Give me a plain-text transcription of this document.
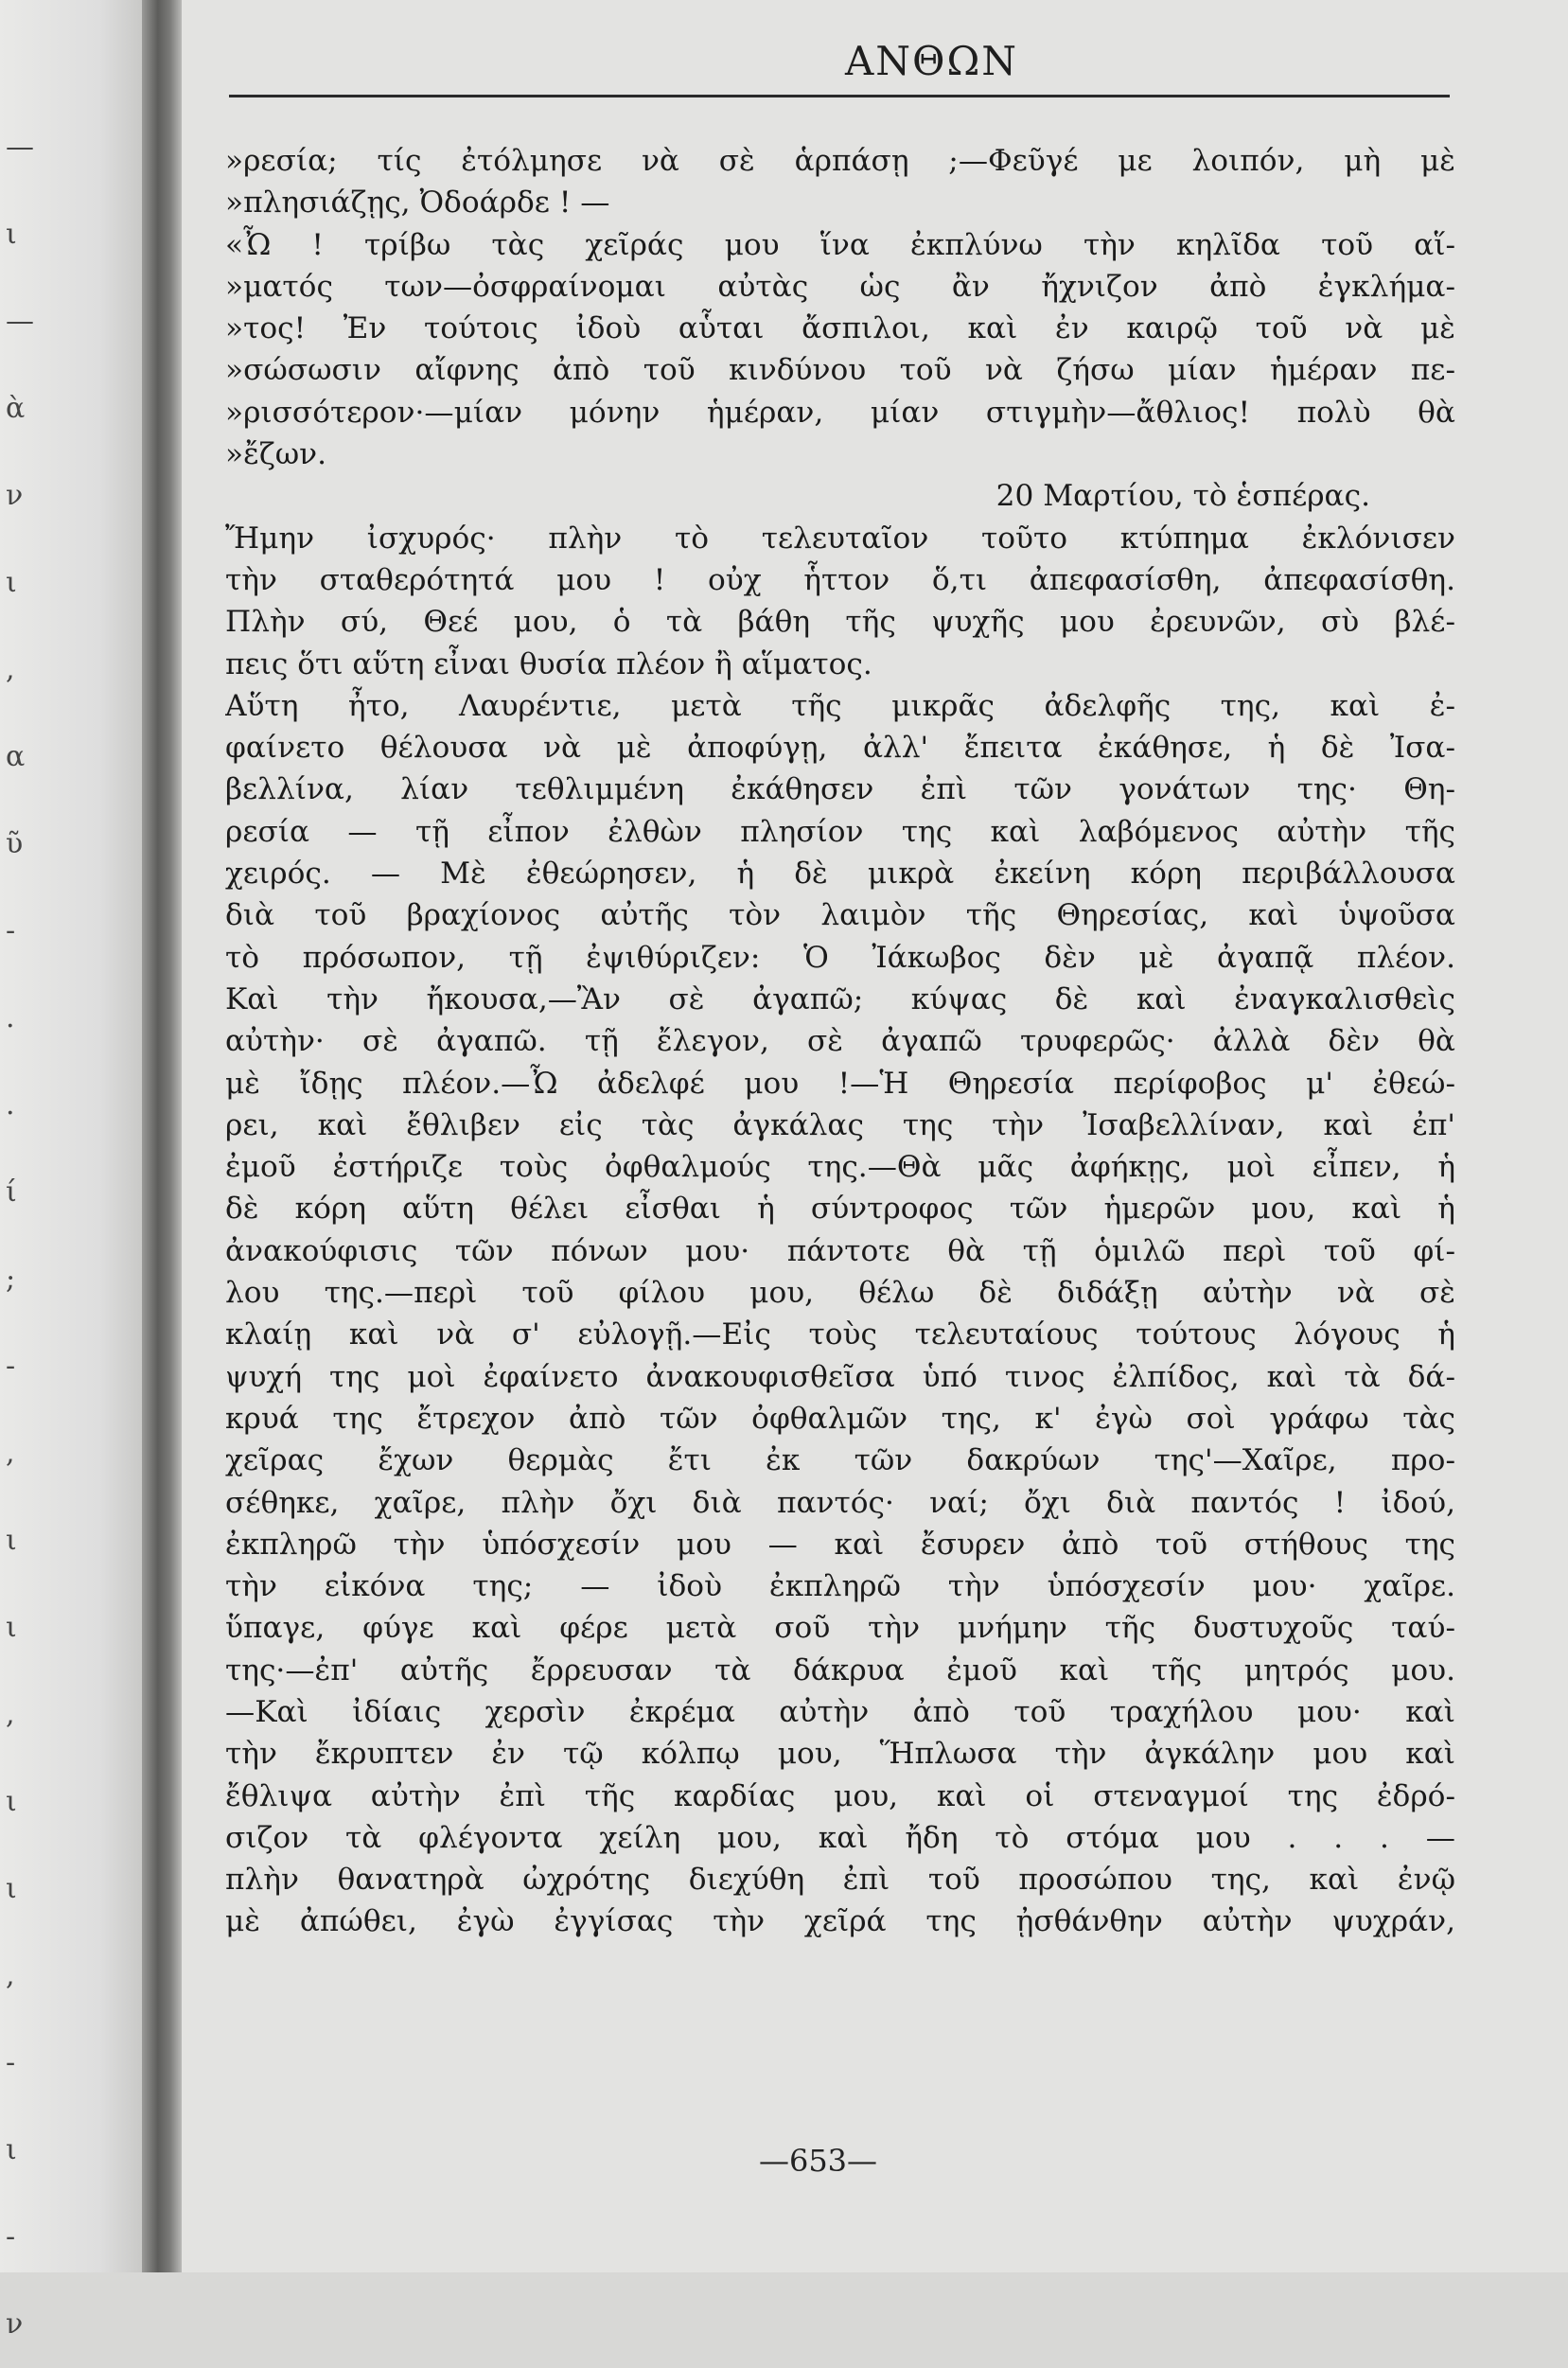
—
ι
—
ὰ
ν
ι
,
α
ῦ
-
.
.
ί
;
-
,
ι
ι
,
ι
ι
,
-
ι
-
ν
ΑΝΘΩΝ
»ρεσία; τίς ἐτόλμησε νὰ σὲ ἁρπάσῃ ;—Φεῦγέ με λοιπόν, μὴ μὲ
»πλησιάζῃς, Ὀδοάρδε ! —
«Ὦ ! τρίβω τὰς χεῖράς μου ἵνα ἐκπλύνω τὴν κηλῖδα τοῦ αἵ-
»ματός των—ὀσφραίνομαι αὐτὰς ὡς ἂν ἤχνιζον ἀπὸ ἐγκλήμα-
»τος! Ἐν τούτοις ἰδοὺ αὗται ἄσπιλοι, καὶ ἐν καιρῷ τοῦ νὰ μὲ
»σώσωσιν αἴφνης ἀπὸ τοῦ κινδύνου τοῦ νὰ ζήσω μίαν ἡμέραν πε-
»ρισσότερον·—μίαν μόνην ἡμέραν, μίαν στιγμὴν—ἄθλιος! πολὺ θὰ
»ἔζων.
20 Μαρτίου, τὸ ἑσπέρας.
Ἤμην ἰσχυρός· πλὴν τὸ τελευταῖον τοῦτο κτύπημα ἐκλόνισεν
τὴν σταθερότητά μου ! οὐχ ἧττον ὅ,τι ἀπεφασίσθη, ἀπεφασίσθη.
Πλὴν σύ, Θεέ μου, ὁ τὰ βάθη τῆς ψυχῆς μου ἐρευνῶν, σὺ βλέ-
πεις ὅτι αὕτη εἶναι θυσία πλέον ἢ αἵματος.
Αὕτη ἦτο, Λαυρέντιε, μετὰ τῆς μικρᾶς ἀδελφῆς της, καὶ ἐ-
φαίνετο θέλουσα νὰ μὲ ἀποφύγῃ, ἀλλ' ἔπειτα ἐκάθησε, ἡ δὲ Ἰσα-
βελλίνα, λίαν τεθλιμμένη ἐκάθησεν ἐπὶ τῶν γονάτων της· Θη-
ρεσία — τῇ εἶπον ἐλθὼν πλησίον της καὶ λαβόμενος αὐτὴν τῆς
χειρός. — Μὲ ἐθεώρησεν, ἡ δὲ μικρὰ ἐκείνη κόρη περιβάλλουσα
διὰ τοῦ βραχίονος αὐτῆς τὸν λαιμὸν τῆς Θηρεσίας, καὶ ὑψοῦσα
τὸ πρόσωπον, τῇ ἐψιθύριζεν: Ὁ Ἰάκωβος δὲν μὲ ἀγαπᾷ πλέον.
Καὶ τὴν ἤκουσα,—Ἂν σὲ ἀγαπῶ; κύψας δὲ καὶ ἐναγκαλισθεὶς
αὐτὴν· σὲ ἀγαπῶ. τῇ ἔλεγον, σὲ ἀγαπῶ τρυφερῶς· ἀλλὰ δὲν θὰ
μὲ ἴδῃς πλέον.—Ὦ ἀδελφέ μου !—Ἡ Θηρεσία περίφοβος μ' ἐθεώ-
ρει, καὶ ἔθλιβεν εἰς τὰς ἀγκάλας της τὴν Ἰσαβελλίναν, καὶ ἐπ'
ἐμοῦ ἐστήριζε τοὺς ὀφθαλμούς της.—Θὰ μᾶς ἀφήκῃς, μοὶ εἶπεν, ἡ
δὲ κόρη αὕτη θέλει εἶσθαι ἡ σύντροφος τῶν ἡμερῶν μου, καὶ ἡ
ἀνακούφισις τῶν πόνων μου· πάντοτε θὰ τῇ ὁμιλῶ περὶ τοῦ φί-
λου της.—περὶ τοῦ φίλου μου, θέλω δὲ διδάξῃ αὐτὴν νὰ σὲ
κλαίῃ καὶ νὰ σ' εὐλογῇ.—Εἰς τοὺς τελευταίους τούτους λόγους ἡ
ψυχή της μοὶ ἐφαίνετο ἀνακουφισθεῖσα ὑπό τινος ἐλπίδος, καὶ τὰ δά-
κρυά της ἔτρεχον ἀπὸ τῶν ὀφθαλμῶν της, κ' ἐγὼ σοὶ γράφω τὰς
χεῖρας ἔχων θερμὰς ἔτι ἐκ τῶν δακρύων της'—Χαῖρε, προ-
σέθηκε, χαῖρε, πλὴν ὄχι διὰ παντός· ναί; ὄχι διὰ παντός ! ἰδού,
ἐκπληρῶ τὴν ὑπόσχεσίν μου — καὶ ἔσυρεν ἀπὸ τοῦ στήθους της
τὴν εἰκόνα της; — ἰδοὺ ἐκπληρῶ τὴν ὑπόσχεσίν μου· χαῖρε.
ὕπαγε, φύγε καὶ φέρε μετὰ σοῦ τὴν μνήμην τῆς δυστυχοῦς ταύ-
της·—ἐπ' αὐτῆς ἔρρευσαν τὰ δάκρυα ἐμοῦ καὶ τῆς μητρός μου.
—Καὶ ἰδίαις χερσὶν ἐκρέμα αὐτὴν ἀπὸ τοῦ τραχήλου μου· καὶ
τὴν ἔκρυπτεν ἐν τῷ κόλπῳ μου, Ἥπλωσα τὴν ἀγκάλην μου καὶ
ἔθλιψα αὐτὴν ἐπὶ τῆς καρδίας μου, καὶ οἱ στεναγμοί της ἐδρό-
σιζον τὰ φλέγοντα χείλη μου, καὶ ἤδη τὸ στόμα μου . . . —
πλὴν θανατηρὰ ὠχρότης διεχύθη ἐπὶ τοῦ προσώπου της, καὶ ἐνῷ
μὲ ἀπώθει, ἐγὼ ἐγγίσας τὴν χεῖρά της ᾐσθάνθην αὐτὴν ψυχράν,
—653—
